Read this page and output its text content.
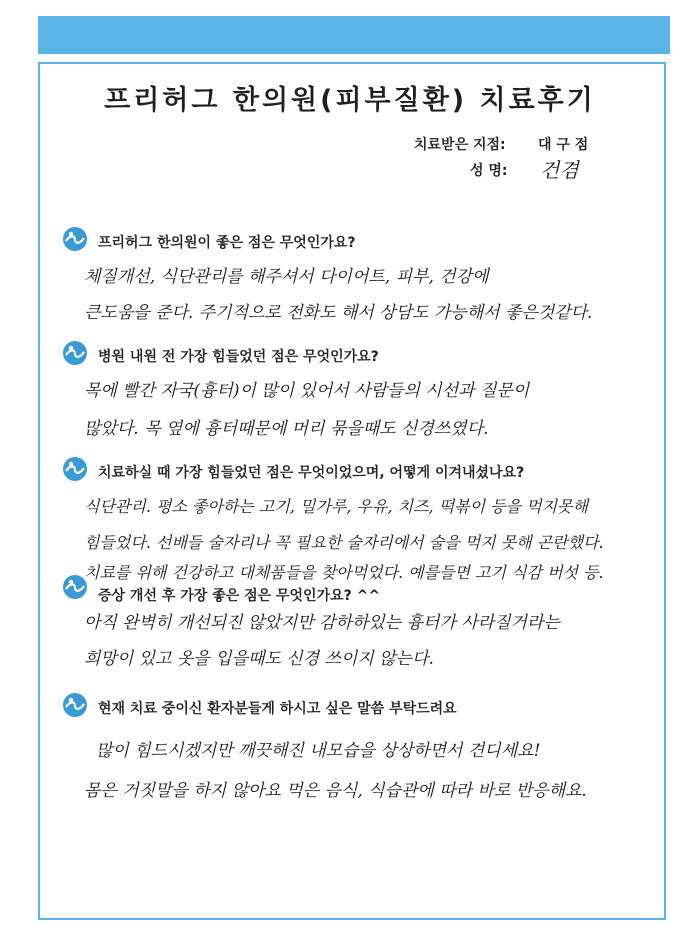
프리허그 한의원(피부질환) 치료후기
치료받은 지점: 대 구 점
성 명: 건겸
프리허그 한의원이 좋은 점은 무엇인가요?
체질개선, 식단관리를 해주셔서 다이어트, 피부, 건강에
큰도움을 준다. 주기적으로 전화도 해서 상담도 가능해서 좋은것같다.
병원 내원 전 가장 힘들었던 점은 무엇인가요?
목에 빨간 자국(흉터)이 많이 있어서 사람들의 시선과 질문이
많았다. 목 옆에 흉터때문에 머리 묶을때도 신경쓰였다.
치료하실 때 가장 힘들었던 점은 무엇이었으며, 어떻게 이겨내셨나요?
식단관리. 평소 좋아하는 고기, 밀가루, 우유, 치즈, 떡볶이 등을 먹지못해
힘들었다. 선배들 술자리나 꼭 필요한 술자리에서 술을 먹지 못해 곤란했다.
치료를 위해 건강하고 대체품들을 찾아먹었다. 예를들면 고기 식감 버섯 등.
증상 개선 후 가장 좋은 점은 무엇인가요? ^^
아직 완벽히 개선되진 않았지만 감하하있는 흉터가 사라질거라는
희망이 있고 옷을 입을때도 신경 쓰이지 않는다.
현재 치료 중이신 환자분들게 하시고 싶은 말씀 부탁드려요
많이 힘드시겠지만 깨끗해진 내모습을 상상하면서 견디세요!
몸은 거짓말을 하지 않아요 먹은 음식, 식습관에 따라 바로 반응해요.
